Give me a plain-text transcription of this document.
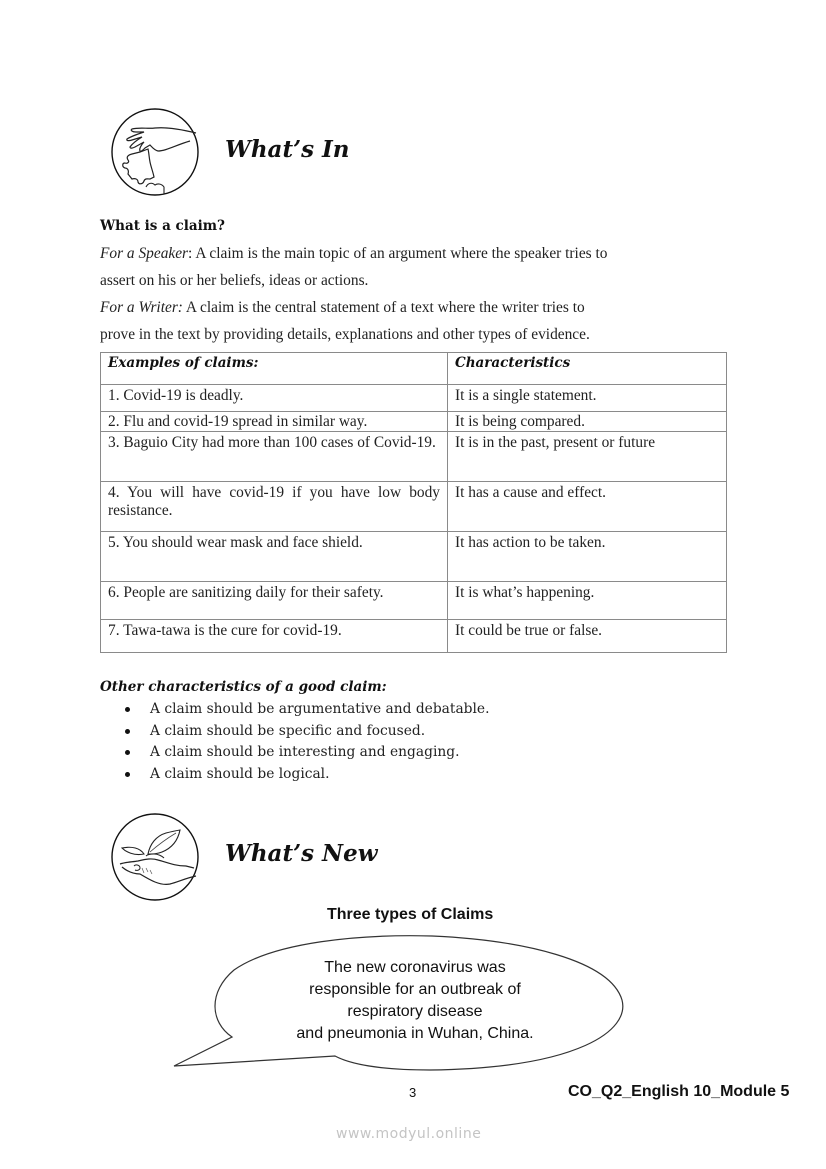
What’s In
What is a claim?
For a Speaker: A claim is the main topic of an argument where the speaker tries to
assert on his or her beliefs, ideas or actions.
For a Writer: A claim is the central statement of a text where the writer tries to
prove in the text by providing details, explanations and other types of evidence.
Examples of claims:	Characteristics
1. Covid-19 is deadly.	It is a single statement.
2. Flu and covid-19 spread in similar way.	It is being compared.
3. Baguio City had more than 100 cases of Covid-19.	It is in the past, present or future
4. You will have covid-19 if you have low body resistance.	It has a cause and effect.
5. You should wear mask and face shield.	It has action to be taken.
6. People are sanitizing daily for their safety.	It is what’s happening.
7. Tawa-tawa is the cure for covid-19.	It could be true or false.
Other characteristics of a good claim:
A claim should be argumentative and debatable.
A claim should be specific and focused.
A claim should be interesting and engaging.
A claim should be logical.
What’s New
Three types of Claims
The new coronavirus was
responsible for an outbreak of
respiratory disease
and pneumonia in Wuhan, China.
3	CO_Q2_English 10_Module 5
www.modyul.online
